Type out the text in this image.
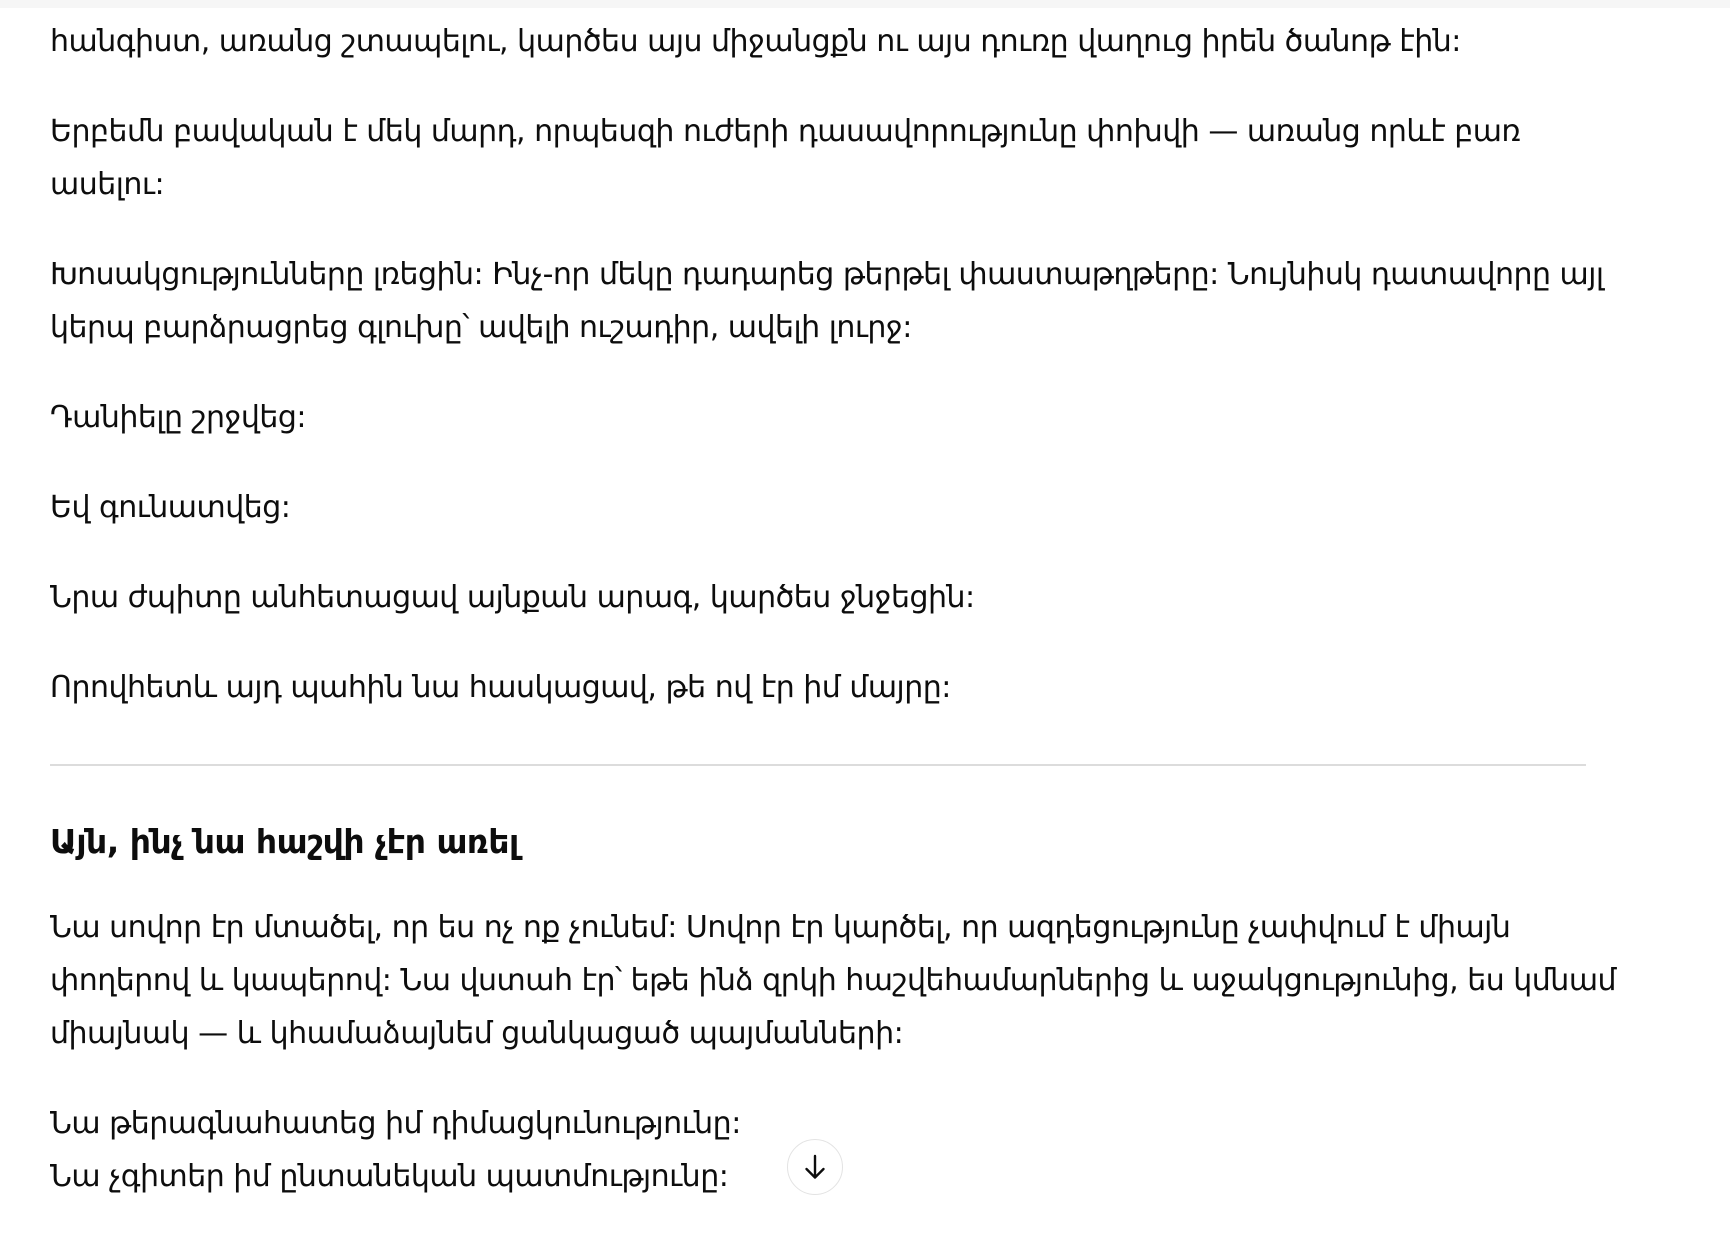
հանգիստ, առանց շտապելու, կարծես այս միջանցքն ու այս դուռը վաղուց իրեն ծանոթ էին:

Երբեմն բավական է մեկ մարդ, որպեսզի ուժերի դասավորությունը փոխվի — առանց որևէ բառ
ասելու:

Խոսակցությունները լռեցին: Ինչ-որ մեկը դադարեց թերթել փաստաթղթերը: Նույնիսկ դատավորը այլ
կերպ բարձրացրեց գլուխը՝ ավելի ուշադիր, ավելի լուրջ:

Դանիելը շրջվեց:

Եվ գունատվեց:

Նրա ժպիտը անհետացավ այնքան արագ, կարծես ջնջեցին:

Որովհետև այդ պահին նա հասկացավ, թե ով էր իմ մայրը:

Այն, ինչ նա հաշվի չէր առել

Նա սովոր էր մտածել, որ ես ոչ ոք չունեմ: Սովոր էր կարծել, որ ազդեցությունը չափվում է միայն
փողերով և կապերով: Նա վստահ էր՝ եթե ինձ զրկի հաշվեհամարներից և աջակցությունից, ես կմնամ
միայնակ — և կհամաձայնեմ ցանկացած պայմանների:

Նա թերագնահատեց իմ դիմացկունությունը:
Նա չգիտեր իմ ընտանեկան պատմությունը:
